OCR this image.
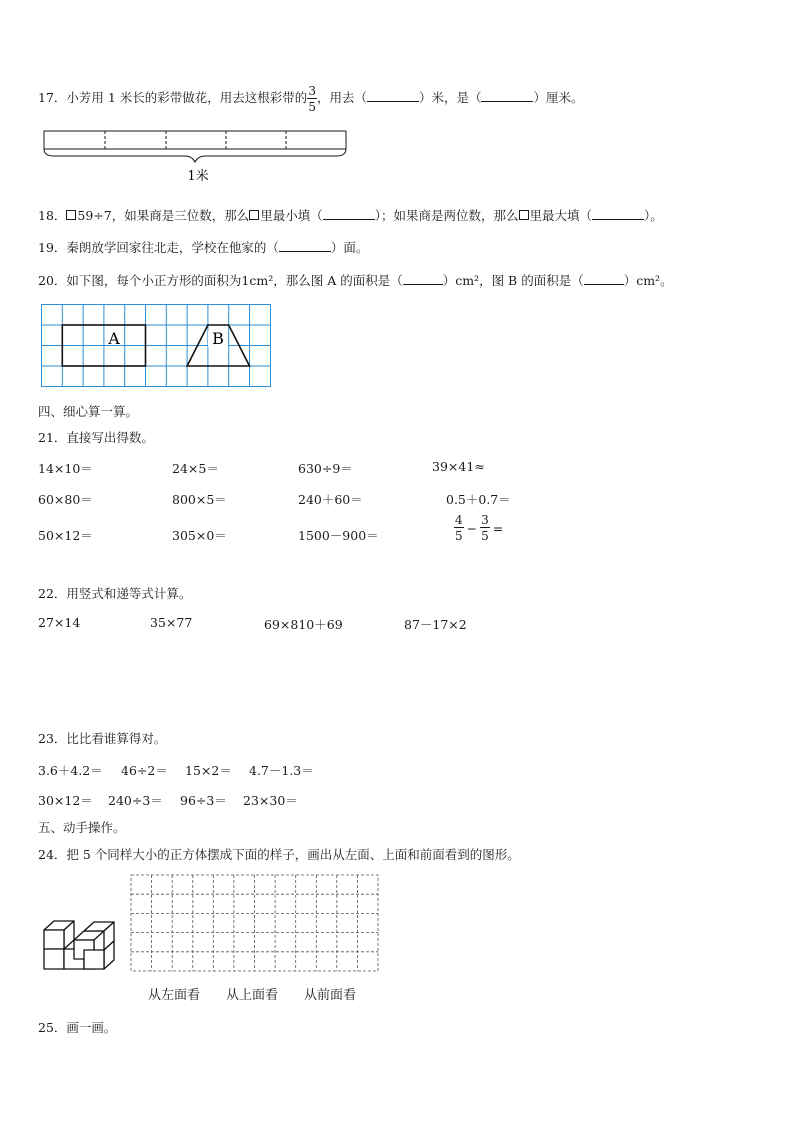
17．小芳用 1 米长的彩带做花，用去这根彩带的 $\frac{3}{5}$ ，用去（	）米，是（	）厘米。
1米
18． 59÷7，如果商是三位数，那么 里最小填（	）；如果商是两位数，那么 里最大填（	）。
19．秦朗放学回家往北走，学校在他家的（	）面。
20．如下图，每个小正方形的面积为1cm²，那么图 A 的面积是（	）cm²，图 B 的面积是（	）cm²。
A	B
四、细心算一算。
21．直接写出得数。
14×10＝	24×5＝	630÷9＝	39×41≈
60×80＝	800×5＝	240＋60＝	0.5＋0.7＝
50×12＝	305×0＝	1500－900＝	$\frac{4}{5} - \frac{3}{5}$ =
22．用竖式和递等式计算。
27×14	35×77	69×810＋69	87－17×2
23．比比看谁算得对。
3.6＋4.2＝ 46÷2＝ 15×2＝ 4.7－1.3＝
30×12＝ 240÷3＝ 96÷3＝ 23×30＝
五、动手操作。
24．把 5 个同样大小的正方体摆成下面的样子，画出从左面、上面和前面看到的图形。
从左面看 从上面看 从前面看
25．画一画。
